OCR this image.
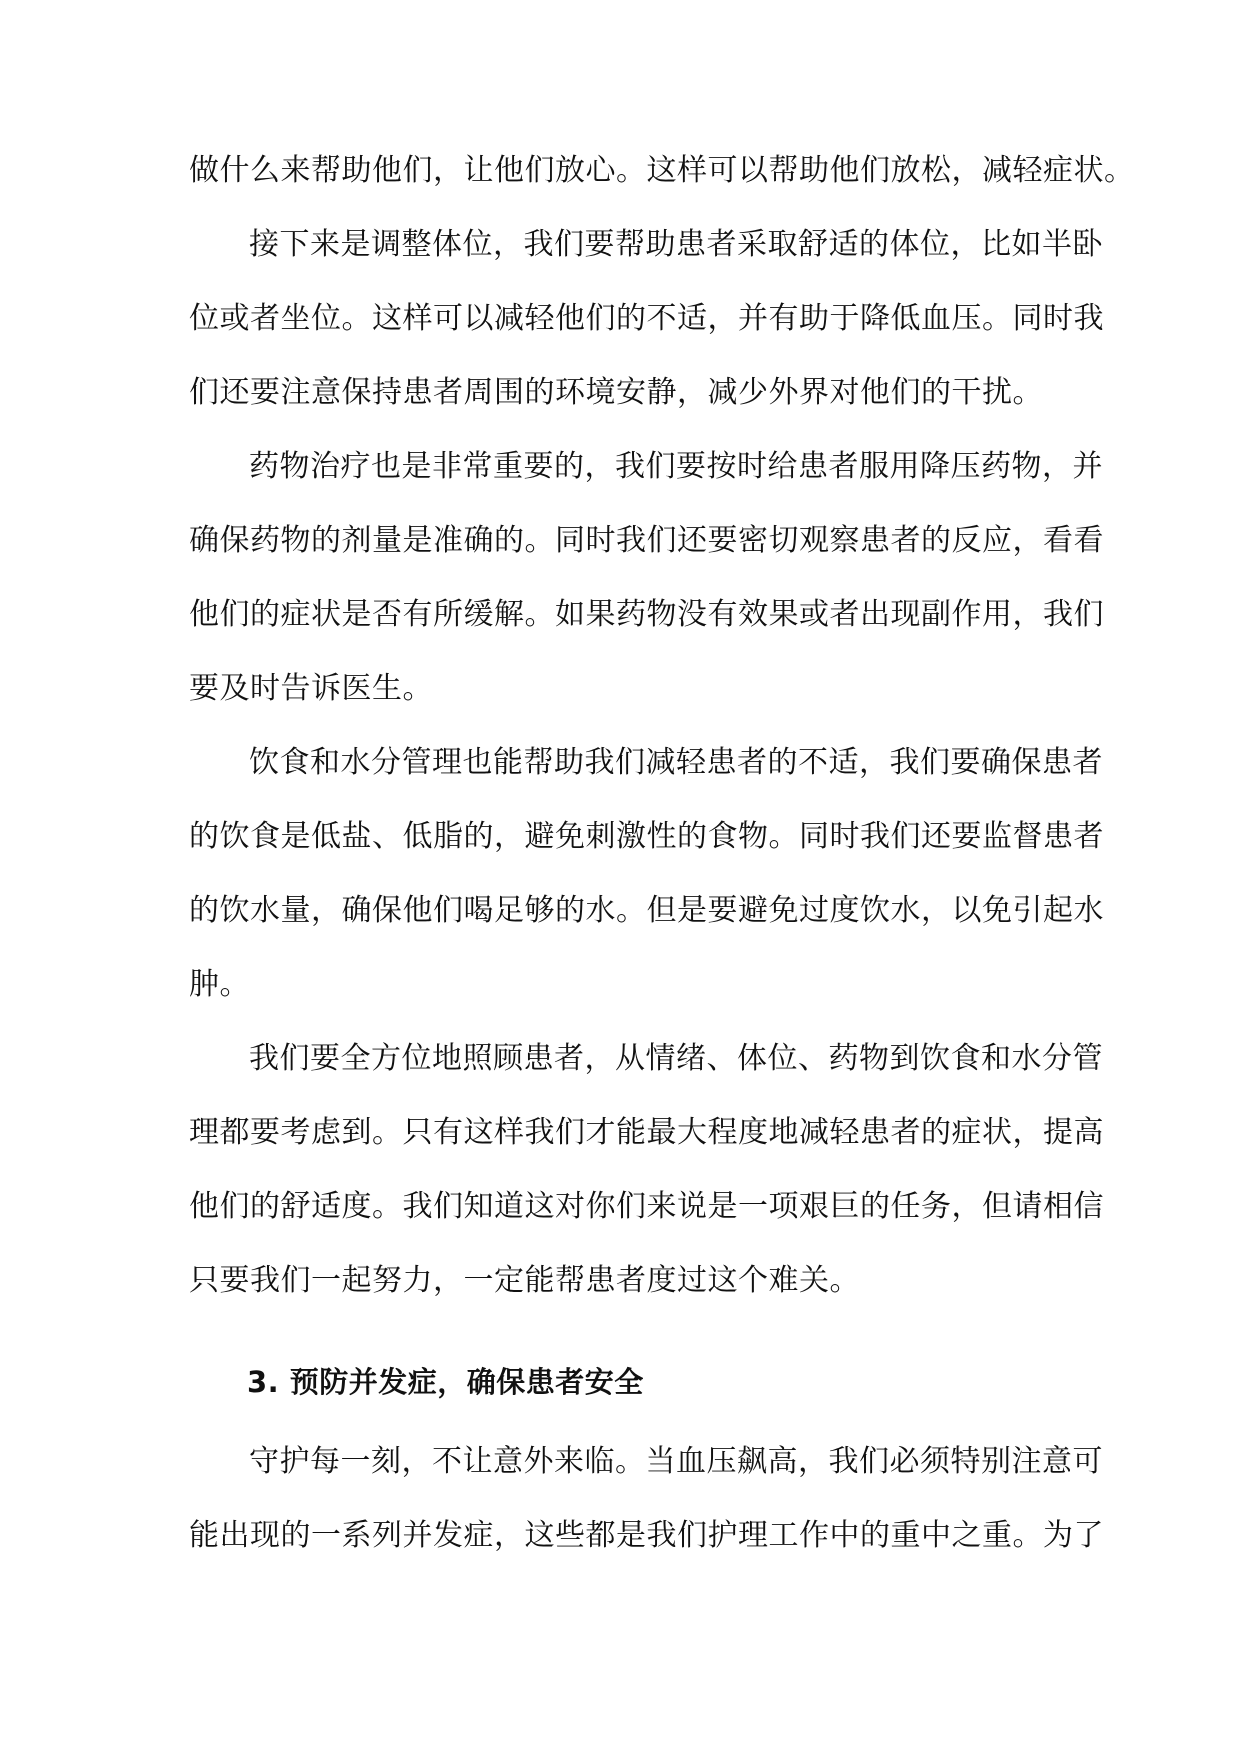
做什么来帮助他们，让他们放心。这样可以帮助他们放松，减轻症状。
接下来是调整体位，我们要帮助患者采取舒适的体位，比如半卧
位或者坐位。这样可以减轻他们的不适，并有助于降低血压。同时我
们还要注意保持患者周围的环境安静，减少外界对他们的干扰。
药物治疗也是非常重要的，我们要按时给患者服用降压药物，并
确保药物的剂量是准确的。同时我们还要密切观察患者的反应，看看
他们的症状是否有所缓解。如果药物没有效果或者出现副作用，我们
要及时告诉医生。
饮食和水分管理也能帮助我们减轻患者的不适，我们要确保患者
的饮食是低盐、低脂的，避免刺激性的食物。同时我们还要监督患者
的饮水量，确保他们喝足够的水。但是要避免过度饮水，以免引起水
肿。
我们要全方位地照顾患者，从情绪、体位、药物到饮食和水分管
理都要考虑到。只有这样我们才能最大程度地减轻患者的症状，提高
他们的舒适度。我们知道这对你们来说是一项艰巨的任务，但请相信
只要我们一起努力，一定能帮患者度过这个难关。
3. 预防并发症，确保患者安全
守护每一刻，不让意外来临。当血压飙高，我们必须特别注意可
能出现的一系列并发症，这些都是我们护理工作中的重中之重。为了
